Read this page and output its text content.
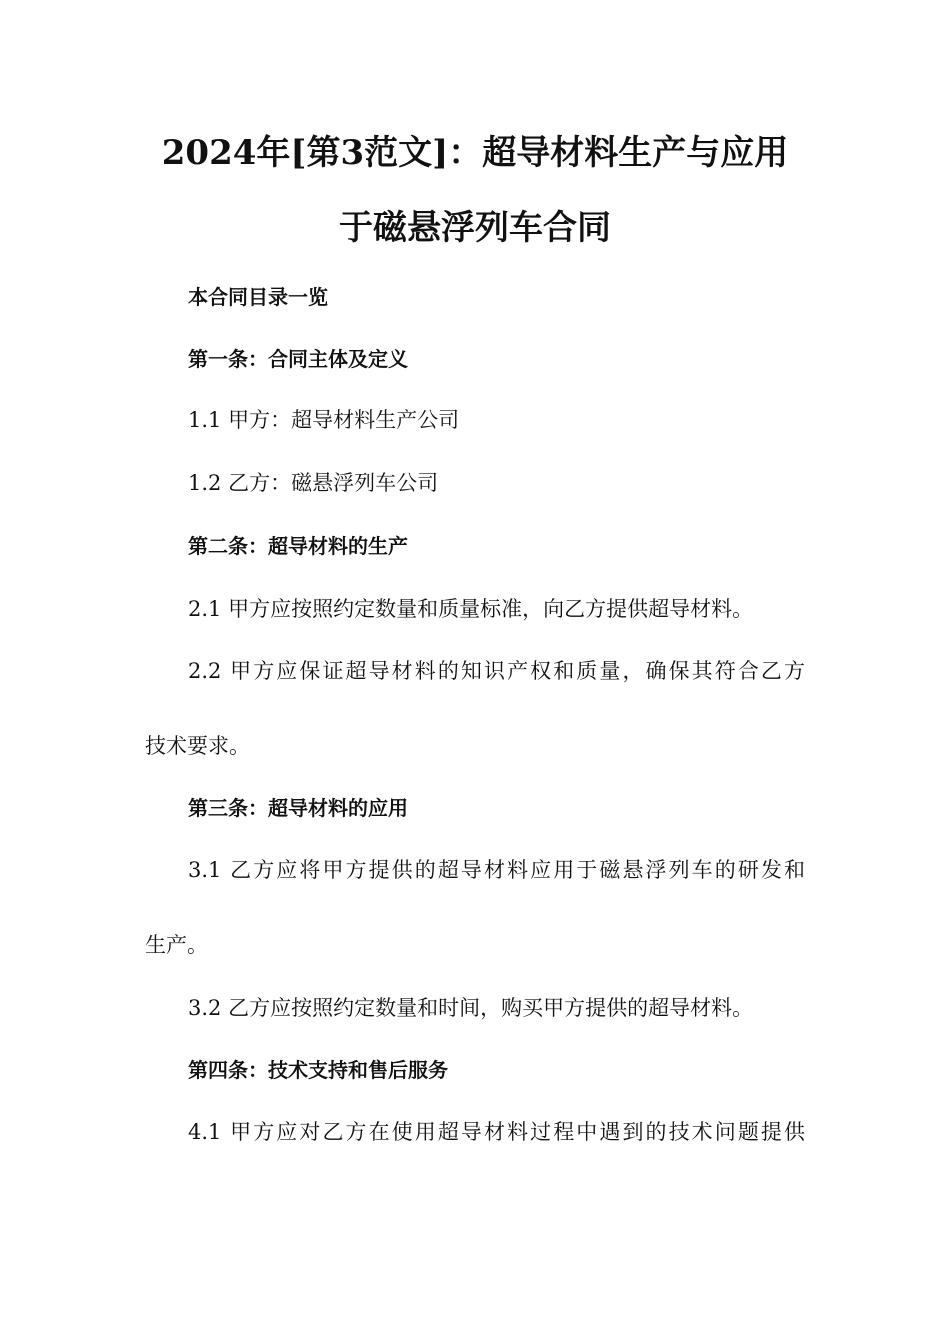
2024年[第3范文]：超导材料生产与应用
于磁悬浮列车合同
本合同目录一览
第一条：合同主体及定义
1.1 甲方：超导材料生产公司
1.2 乙方：磁悬浮列车公司
第二条：超导材料的生产
2.1 甲方应按照约定数量和质量标准，向乙方提供超导材料。
2.2 甲方应保证超导材料的知识产权和质量，确保其符合乙方
技术要求。
第三条：超导材料的应用
3.1 乙方应将甲方提供的超导材料应用于磁悬浮列车的研发和
生产。
3.2 乙方应按照约定数量和时间，购买甲方提供的超导材料。
第四条：技术支持和售后服务
4.1 甲方应对乙方在使用超导材料过程中遇到的技术问题提供
